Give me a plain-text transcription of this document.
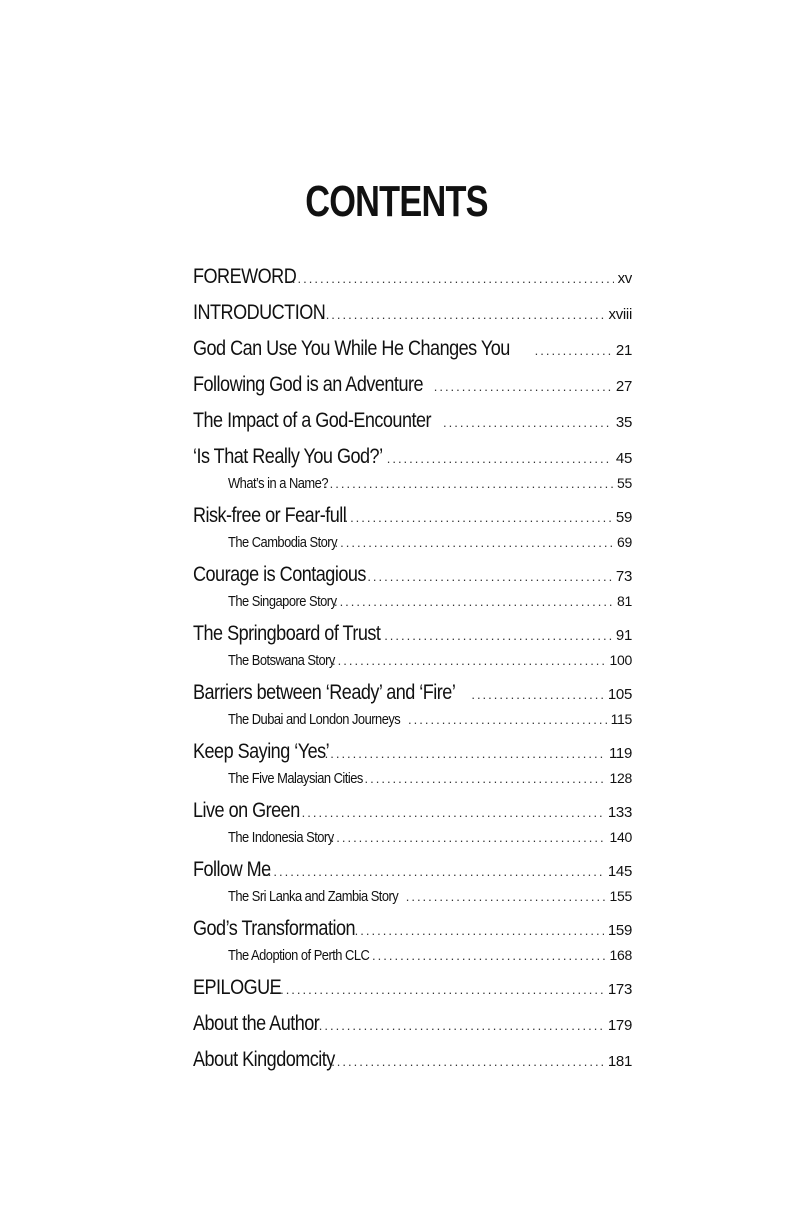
CONTENTS
FOREWORD .....	xv
INTRODUCTION .....	xviii
God Can Use You While He Changes You .....	21
Following God is an Adventure .....	27
The Impact of a God-Encounter .....	35
‘Is That Really You God?’ .....	45
What’s in a Name? .....	55
Risk-free or Fear-full .....	59
The Cambodia Story .....	69
Courage is Contagious .....	73
The Singapore Story .....	81
The Springboard of Trust .....	91
The Botswana Story .....	100
Barriers between ‘Ready’ and ‘Fire’ .....	105
The Dubai and London Journeys .....	115
Keep Saying ‘Yes’ .....	119
The Five Malaysian Cities .....	128
Live on Green .....	133
The Indonesia Story .....	140
Follow Me .....	145
The Sri Lanka and Zambia Story .....	155
God’s Transformation .....	159
The Adoption of Perth CLC .....	168
EPILOGUE .....	173
About the Author .....	179
About Kingdomcity .....	181
